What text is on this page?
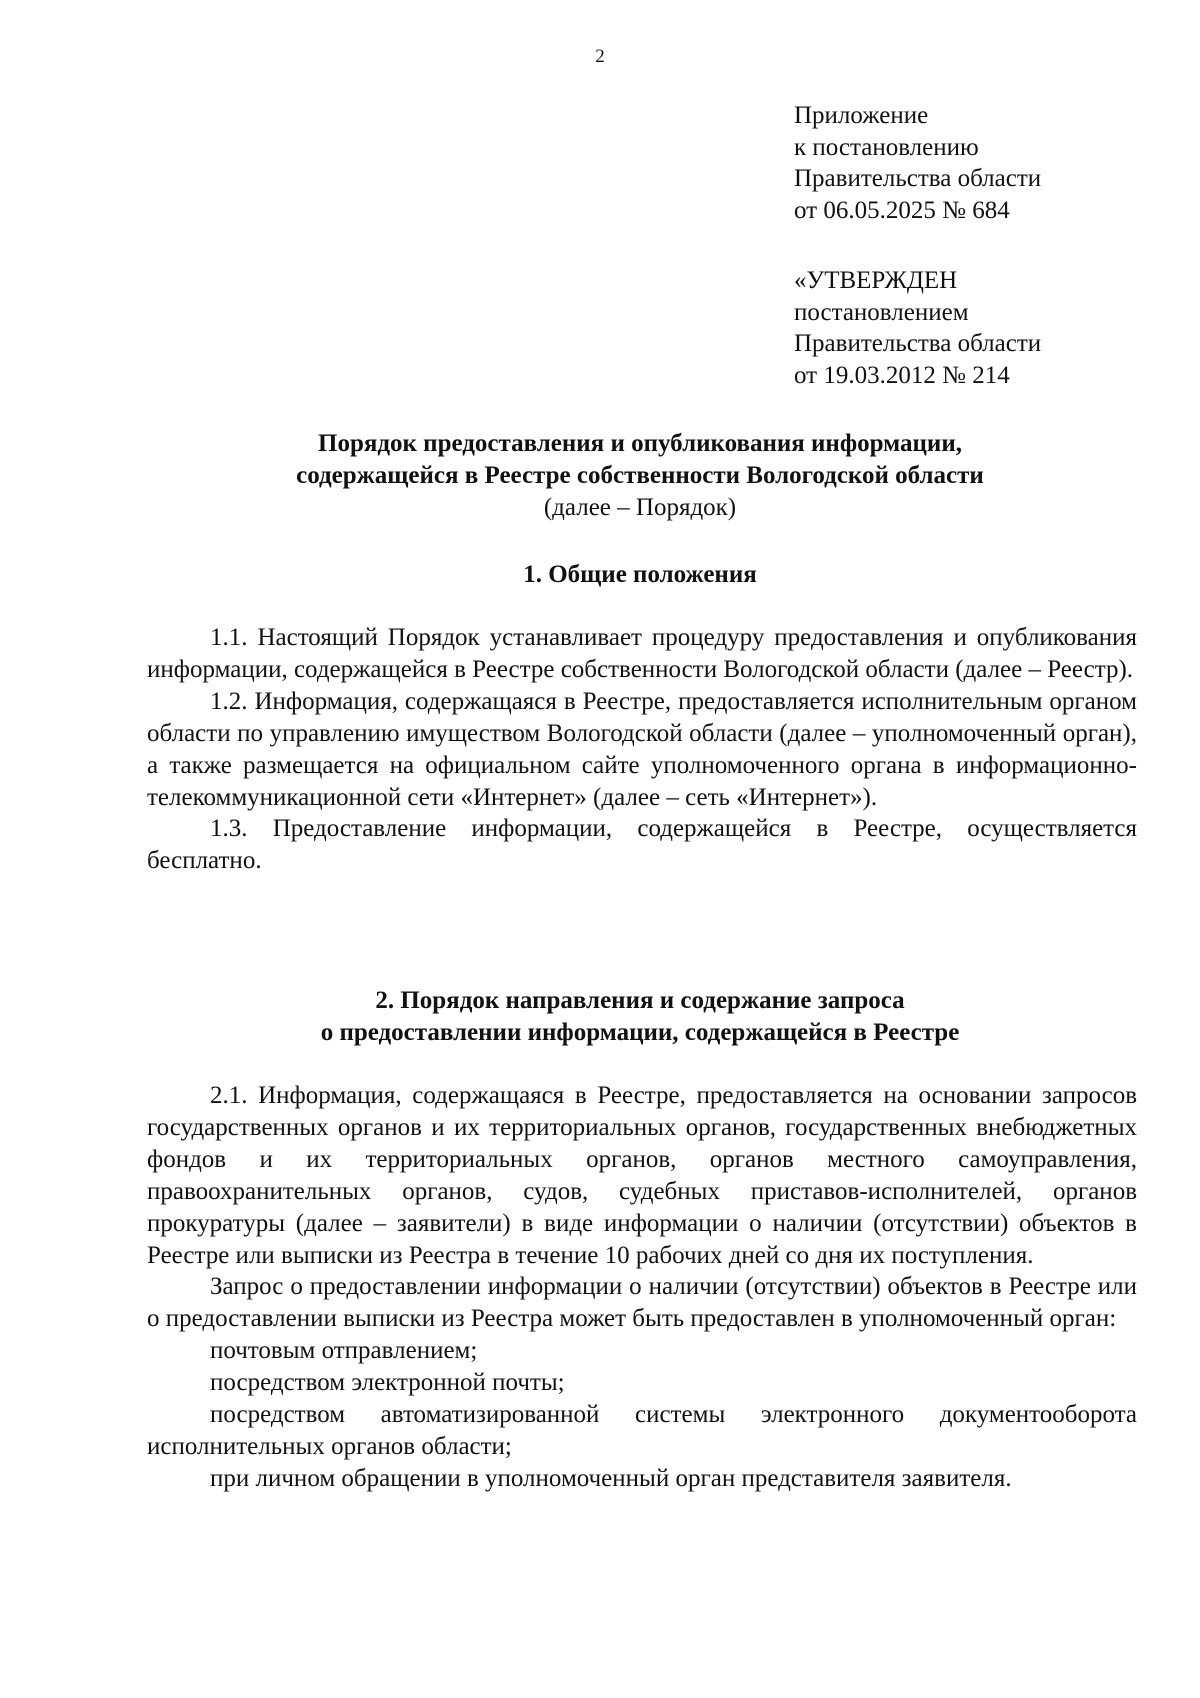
2
Приложение
к постановлению
Правительства области
от 06.05.2025 № 684
«УТВЕРЖДЕН
постановлением
Правительства области
от 19.03.2012 № 214
Порядок предоставления и опубликования информации,
содержащейся в Реестре собственности Вологодской области
(далее – Порядок)
1. Общие положения

1.1. Настоящий Порядок устанавливает процедуру предоставления и опубликования информации, содержащейся в Реестре собственности Вологодской области (далее – Реестр).

1.2. Информация, содержащаяся в Реестре, предоставляется исполнительным органом области по управлению имуществом Вологодской области (далее – уполномоченный орган), а также размещается на официальном сайте уполномоченного органа в информационно-телекоммуникационной сети «Интернет» (далее – сеть «Интернет»).

1.3. Предоставление информации, содержащейся в Реестре, осуществляется бесплатно.

2. Порядок направления и содержание запроса
о предоставлении информации, содержащейся в Реестре

2.1. Информация, содержащаяся в Реестре, предоставляется на основании запросов государственных органов и их территориальных органов, государственных внебюджетных фондов и их территориальных органов, органов местного самоуправления, правоохранительных органов, судов, судебных приставов-исполнителей, органов прокуратуры (далее – заявители) в виде информации о наличии (отсутствии) объектов в Реестре или выписки из Реестра в течение 10 рабочих дней со дня их поступления.

Запрос о предоставлении информации о наличии (отсутствии) объектов в Реестре или о предоставлении выписки из Реестра может быть предоставлен в уполномоченный орган:

почтовым отправлением;

посредством электронной почты;

посредством автоматизированной системы электронного документооборота исполнительных органов области;

при личном обращении в уполномоченный орган представителя заявителя.
